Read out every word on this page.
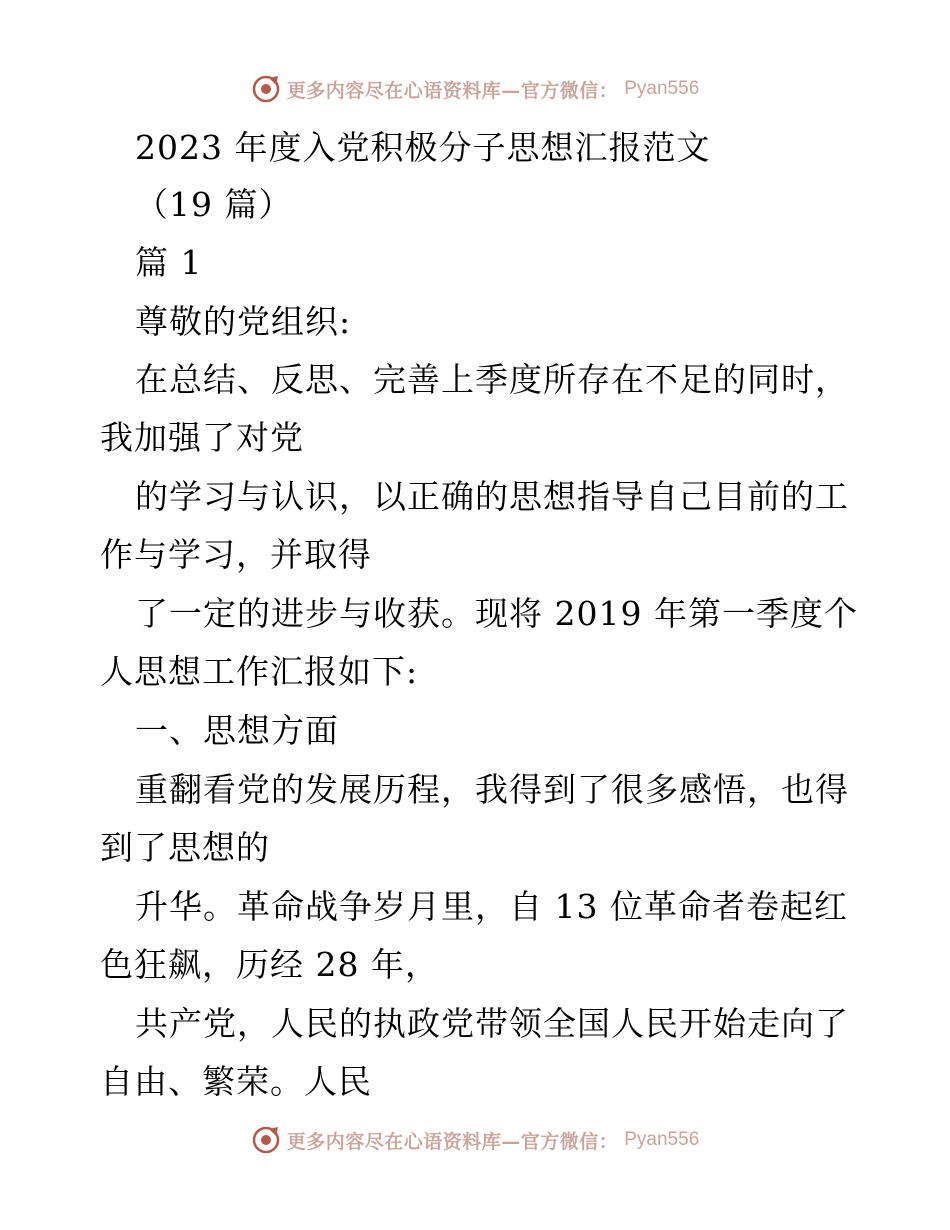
更多内容尽在心语资料库—官方微信： Pyan556
2023 年度入党积极分子思想汇报范文
（19 篇）
篇 1
尊敬的党组织:
在总结、反思、完善上季度所存在不足的同时，
我加强了对党
的学习与认识，以正确的思想指导自己目前的工
作与学习，并取得
了一定的进步与收获。现将 2019 年第一季度个
人思想工作汇报如下:
一、思想方面
重翻看党的发展历程，我得到了很多感悟，也得
到了思想的
升华。革命战争岁月里，自 13 位革命者卷起红
色狂飙，历经 28 年，
共产党，人民的执政党带领全国人民开始走向了
自由、繁荣。人民
更多内容尽在心语资料库—官方微信： Pyan556
